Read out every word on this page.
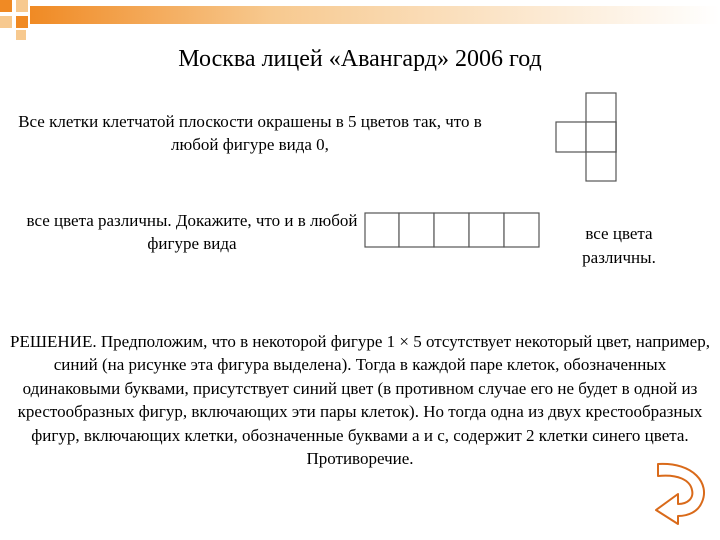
Москва лицей «Авангард» 2006 год
Все клетки клетчатой плоскости окрашены в 5 цветов так, что в любой фигуре вида 0,
все цвета различны. Докажите, что и в любой фигуре вида
все цвета различны.
РЕШЕНИЕ. Предположим, что в некоторой фигуре 1 × 5 отсутствует некоторый цвет, например, синий (на рисунке эта фигура выделена). Тогда в каждой паре клеток, обозначенных одинаковыми буквами, присутствует синий цвет (в противном случае его не будет в одной из крестообразных фигур, включающих эти пары клеток). Но тогда одна из двух крестообразных фигур, включающих клетки, обозначенные буквами а и с, содержит 2 клетки синего цвета. Противоречие.
